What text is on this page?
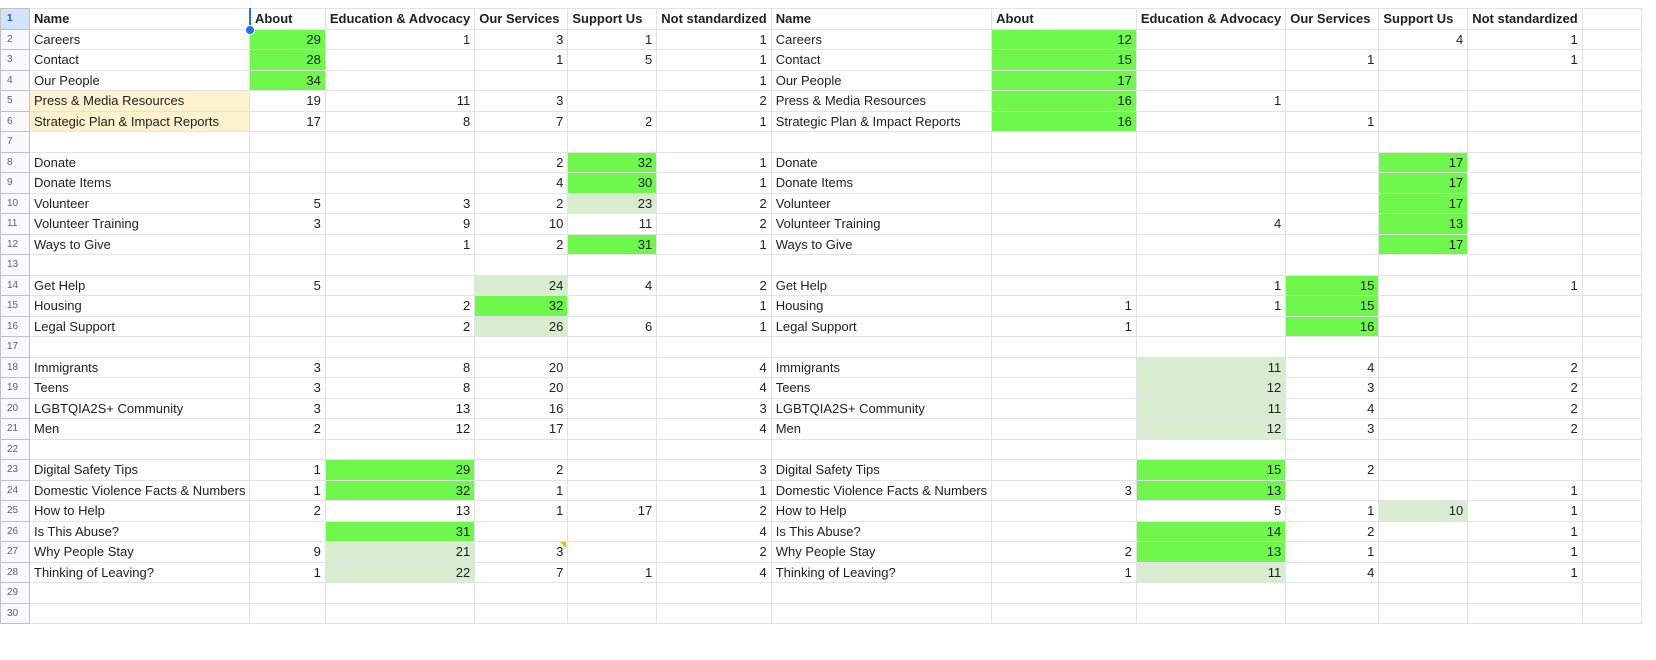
1	Name	About	Education & Advocacy	Our Services	Support Us	Not standardized	Name	About	Education & Advocacy	Our Services	Support Us	Not standardized	
2	Careers	29	1	3	1	1	Careers	12			4	1	
3	Contact	28		1	5	1	Contact	15		1		1	
4	Our People	34				1	Our People	17					
5	Press & Media Resources	19	11	3		2	Press & Media Resources	16	1				
6	Strategic Plan & Impact Reports	17	8	7	2	1	Strategic Plan & Impact Reports	16		1			
7													
8	Donate			2	32	1	Donate				17		
9	Donate Items			4	30	1	Donate Items				17		
10	Volunteer	5	3	2	23	2	Volunteer				17		
11	Volunteer Training	3	9	10	11	2	Volunteer Training		4		13		
12	Ways to Give		1	2	31	1	Ways to Give				17		
13													
14	Get Help	5		24	4	2	Get Help		1	15		1	
15	Housing		2	32		1	Housing	1	1	15			
16	Legal Support		2	26	6	1	Legal Support	1		16			
17													
18	Immigrants	3	8	20		4	Immigrants		11	4		2	
19	Teens	3	8	20		4	Teens		12	3		2	
20	LGBTQIA2S+ Community	3	13	16		3	LGBTQIA2S+ Community		11	4		2	
21	Men	2	12	17		4	Men		12	3		2	
22													
23	Digital Safety Tips	1	29	2		3	Digital Safety Tips		15	2			
24	Domestic Violence Facts & Numbers	1	32	1		1	Domestic Violence Facts & Numbers	3	13			1	
25	How to Help	2	13	1	17	2	How to Help		5	1	10	1	
26	Is This Abuse?		31			4	Is This Abuse?		14	2		1	
27	Why People Stay	9	21	3		2	Why People Stay	2	13	1		1	
28	Thinking of Leaving?	1	22	7	1	4	Thinking of Leaving?	1	11	4		1	
29													
30													
